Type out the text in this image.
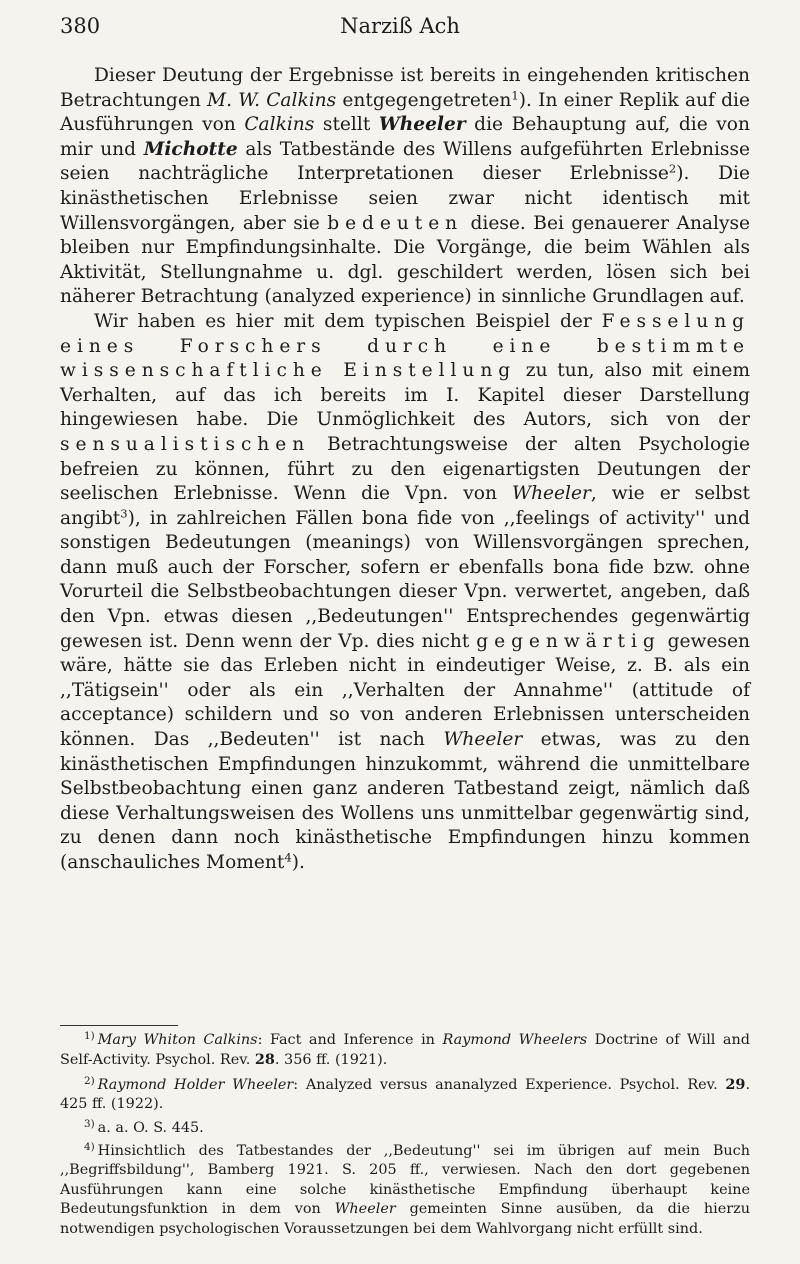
380	Narziß Ach

Dieser Deutung der Ergebnisse ist bereits in eingehenden kritischen Betrachtungen M. W. Calkins entgegengetreten$^1$). In einer Replik auf die Ausführungen von Calkins stellt Wheeler die Behauptung auf, die von mir und Michotte als Tatbestände des Willens aufgeführten Erlebnisse seien nachträgliche Interpretationen dieser Erlebnisse$^2$). Die kinästhetischen Erlebnisse seien zwar nicht identisch mit Willensvorgängen, aber sie bedeuten diese. Bei genauerer Analyse bleiben nur Empfindungsinhalte. Die Vorgänge, die beim Wählen als Aktivität, Stellungnahme u. dgl. geschildert werden, lösen sich bei näherer Betrachtung (analyzed experience) in sinnliche Grundlagen auf.

Wir haben es hier mit dem typischen Beispiel der Fesselung eines Forschers durch eine bestimmte wissenschaftliche Einstellung zu tun, also mit einem Verhalten, auf das ich bereits im I. Kapitel dieser Darstellung hingewiesen habe. Die Unmöglichkeit des Autors, sich von der sensualistischen Betrachtungsweise der alten Psychologie befreien zu können, führt zu den eigenartigsten Deutungen der seelischen Erlebnisse. Wenn die Vpn. von Wheeler, wie er selbst angibt$^3$), in zahlreichen Fällen bona fide von ,,feelings of activity'' und sonstigen Bedeutungen (meanings) von Willensvorgängen sprechen, dann muß auch der Forscher, sofern er ebenfalls bona fide bzw. ohne Vorurteil die Selbstbeobachtungen dieser Vpn. verwertet, angeben, daß den Vpn. etwas diesen ,,Bedeutungen'' Entsprechendes gegenwärtig gewesen ist. Denn wenn der Vp. dies nicht gegenwärtig gewesen wäre, hätte sie das Erleben nicht in eindeutiger Weise, z. B. als ein ,,Tätigsein'' oder als ein ,,Verhalten der Annahme'' (attitude of acceptance) schildern und so von anderen Erlebnissen unterscheiden können. Das ,,Bedeuten'' ist nach Wheeler etwas, was zu den kinästhetischen Empfindungen hinzukommt, während die unmittelbare Selbstbeobachtung einen ganz anderen Tatbestand zeigt, nämlich daß diese Verhaltungsweisen des Wollens uns unmittelbar gegenwärtig sind, zu denen dann noch kinästhetische Empfindungen hinzu kommen (anschauliches Moment$^4$).

$^{1)}$ Mary Whiton Calkins: Fact and Inference in Raymond Wheelers Doctrine of Will and Self-Activity. Psychol. Rev. 28. 356 ff. (1921).

$^{2)}$ Raymond Holder Wheeler: Analyzed versus ananalyzed Experience. Psychol. Rev. 29. 425 ff. (1922).

$^{3)}$ a. a. O. S. 445.

$^{4)}$ Hinsichtlich des Tatbestandes der ,,Bedeutung'' sei im übrigen auf mein Buch ,,Begriffsbildung'', Bamberg 1921. S. 205 ff., verwiesen. Nach den dort gegebenen Ausführungen kann eine solche kinästhetische Empfindung überhaupt keine Bedeutungsfunktion in dem von Wheeler gemeinten Sinne ausüben, da die hierzu notwendigen psychologischen Voraussetzungen bei dem Wahlvorgang nicht erfüllt sind.
